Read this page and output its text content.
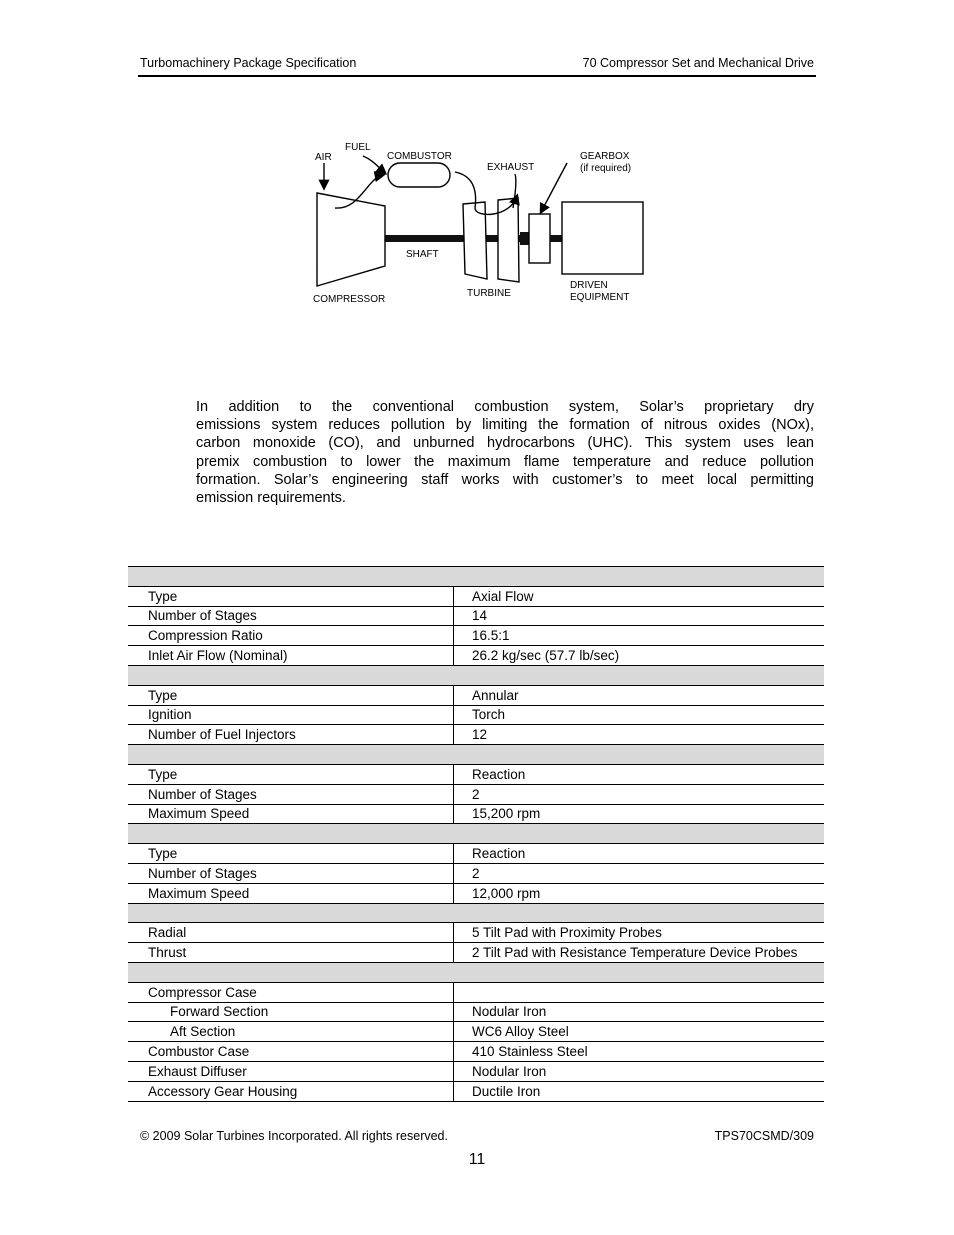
Turbomachinery Package Specification	70 Compressor Set and Mechanical Drive
AIR
FUEL
COMBUSTOR
EXHAUST
GEARBOX
(if required)
SHAFT
COMPRESSOR
TURBINE
DRIVEN
EQUIPMENT

In addition to the conventional combustion system, Solar’s proprietary dry
emissions system reduces pollution by limiting the formation of nitrous oxides (NOx),
carbon monoxide (CO), and unburned hydrocarbons (UHC). This system uses lean
premix combustion to lower the maximum flame temperature and reduce pollution
formation. Solar’s engineering staff works with customer’s to meet local permitting
emission requirements.

Type	Axial Flow
Number of Stages	14
Compression Ratio	16.5:1
Inlet Air Flow (Nominal)	26.2 kg/sec (57.7 lb/sec)

Type	Annular
Ignition	Torch
Number of Fuel Injectors	12

Type	Reaction
Number of Stages	2
Maximum Speed	15,200 rpm

Type	Reaction
Number of Stages	2
Maximum Speed	12,000 rpm

Radial	5 Tilt Pad with Proximity Probes
Thrust	2 Tilt Pad with Resistance Temperature Device Probes

Compressor Case	
Forward Section	Nodular Iron
Aft Section	WC6 Alloy Steel
Combustor Case	410 Stainless Steel
Exhaust Diffuser	Nodular Iron
Accessory Gear Housing	Ductile Iron
© 2009 Solar Turbines Incorporated. All rights reserved.	TPS70CSMD/309
11
